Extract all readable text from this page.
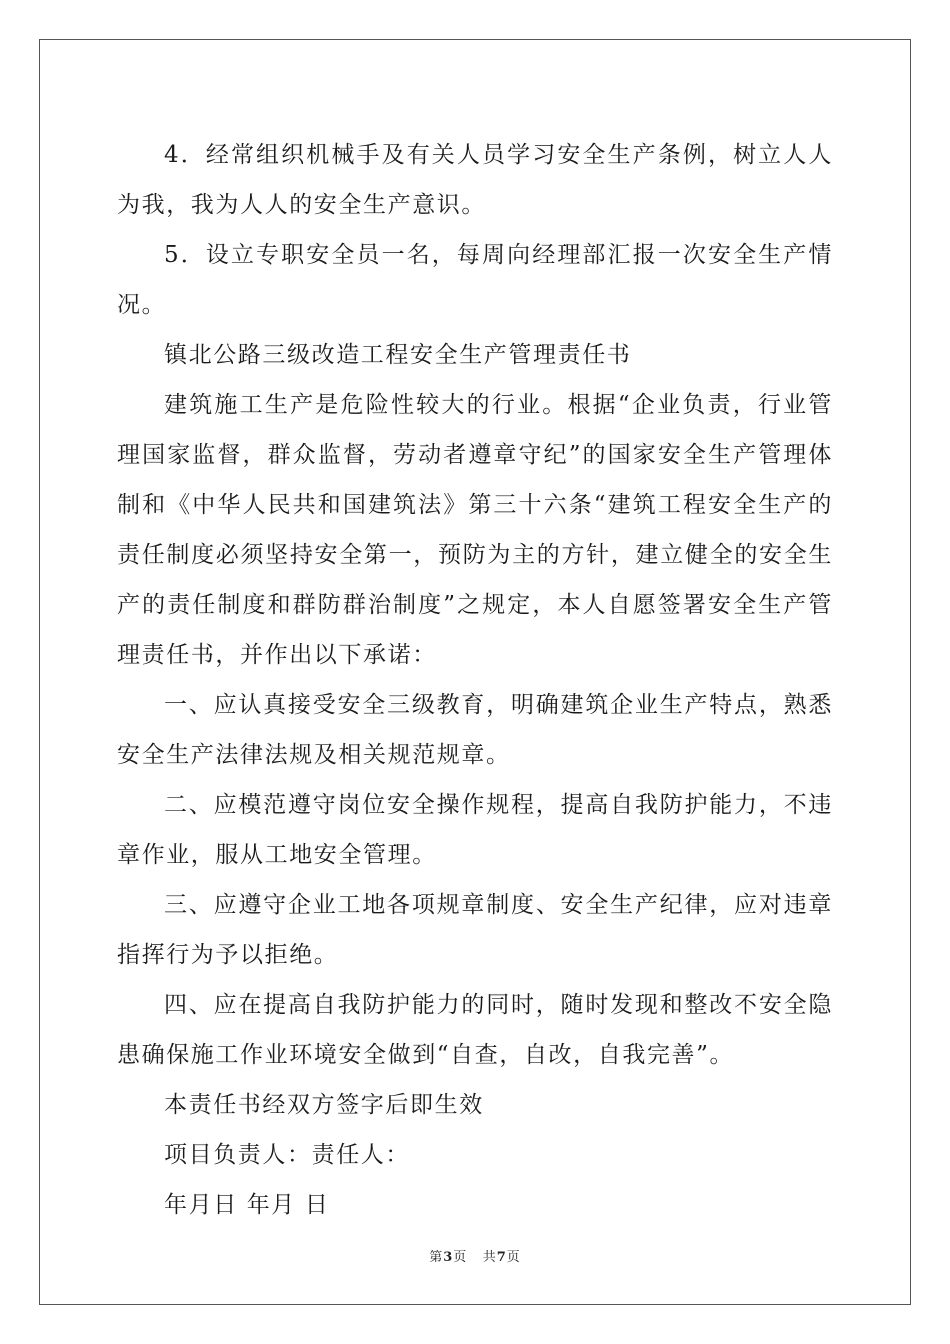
4．经常组织机械手及有关人员学习安全生产条例，树立人人为我，我为人人的安全生产意识。

5．设立专职安全员一名，每周向经理部汇报一次安全生产情况。

镇北公路三级改造工程安全生产管理责任书

建筑施工生产是危险性较大的行业。根据“企业负责，行业管理国家监督，群众监督，劳动者遵章守纪”的国家安全生产管理体制和《中华人民共和国建筑法》第三十六条“建筑工程安全生产的责任制度必须坚持安全第一，预防为主的方针，建立健全的安全生产的责任制度和群防群治制度”之规定，本人自愿签署安全生产管理责任书，并作出以下承诺：

一、应认真接受安全三级教育，明确建筑企业生产特点，熟悉安全生产法律法规及相关规范规章。

二、应模范遵守岗位安全操作规程，提高自我防护能力，不违章作业，服从工地安全管理。

三、应遵守企业工地各项规章制度、安全生产纪律，应对违章指挥行为予以拒绝。

四、应在提高自我防护能力的同时，随时发现和整改不安全隐患确保施工作业环境安全做到“自查，自改，自我完善”。

本责任书经双方签字后即生效

项目负责人：责任人：

年月日 年月 日

第3页 共7页
